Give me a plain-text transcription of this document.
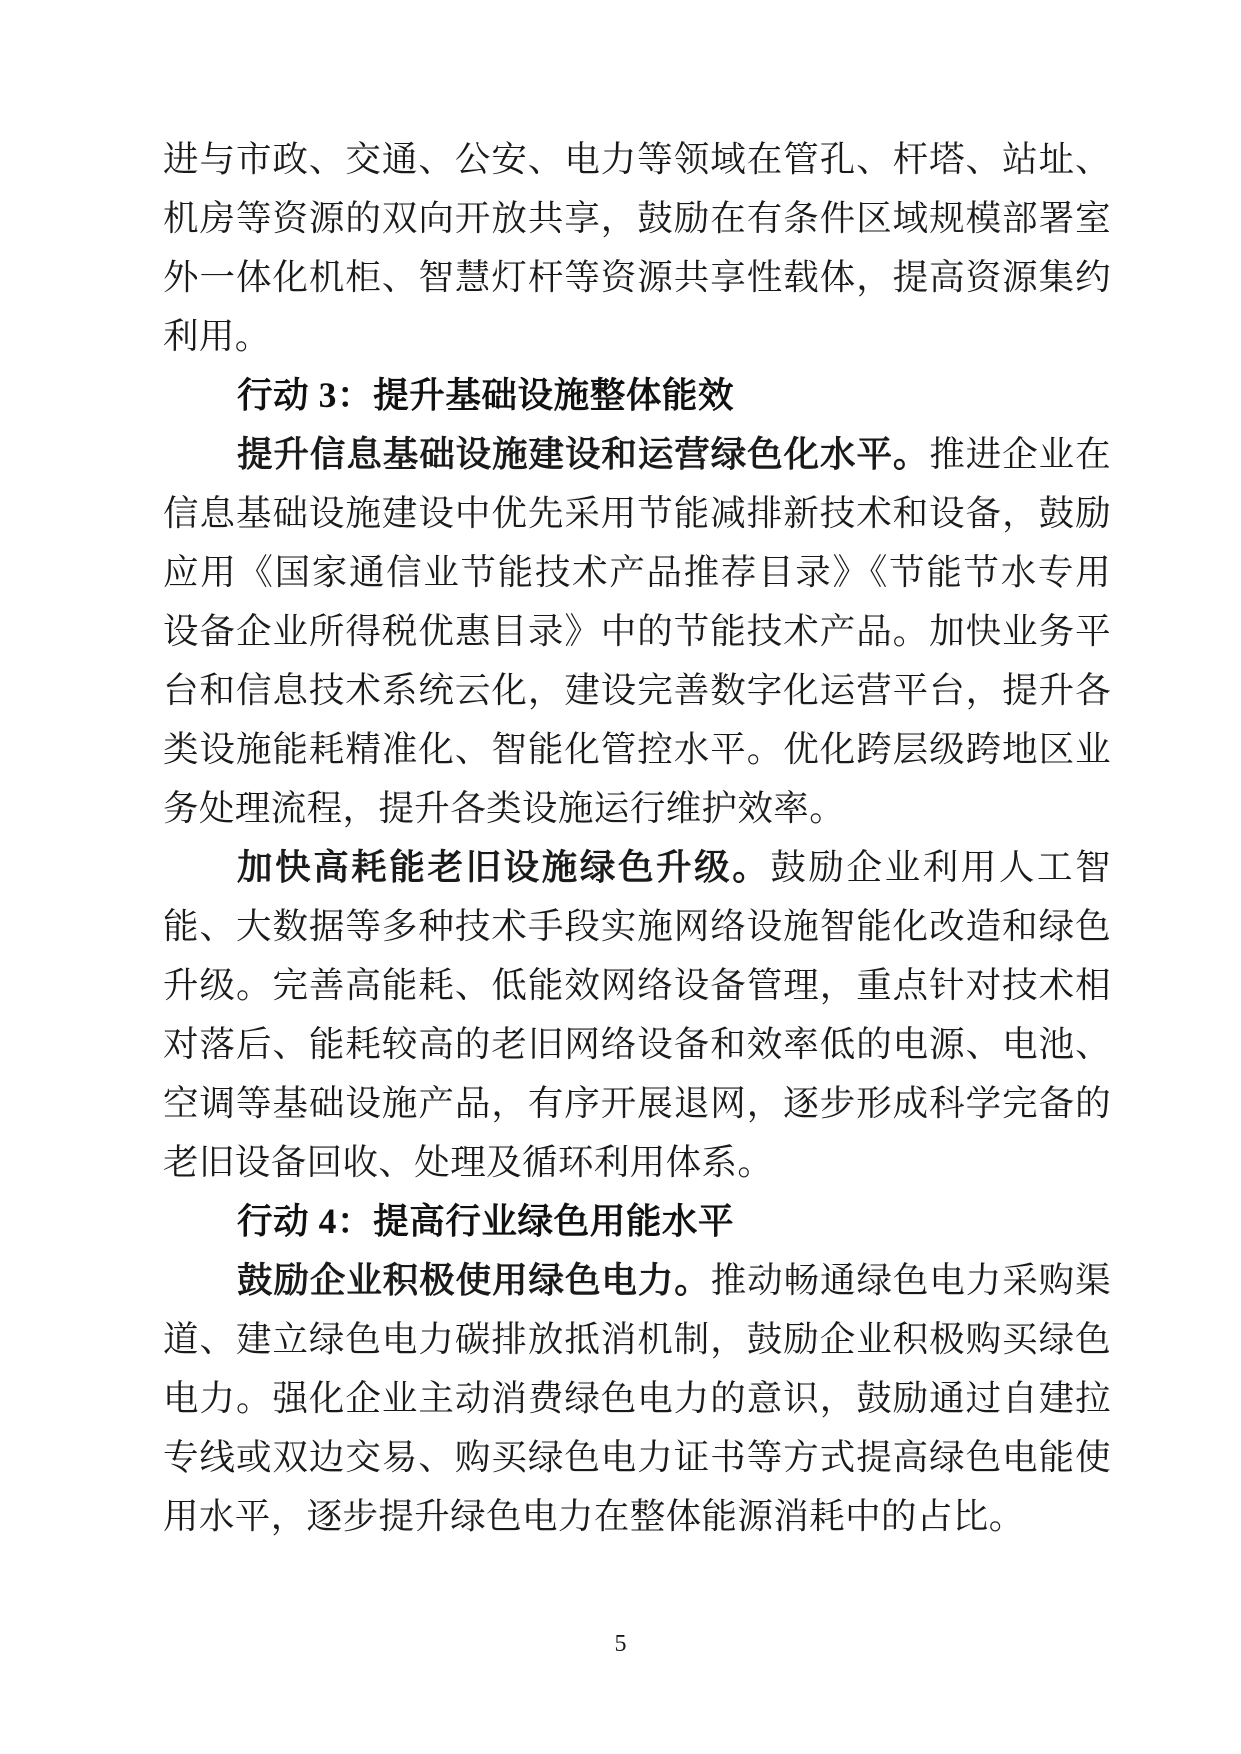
进与市政、交通、公安、电力等领域在管孔、杆塔、站址、机房等资源的双向开放共享，鼓励在有条件区域规模部署室外一体化机柜、智慧灯杆等资源共享性载体，提高资源集约利用。

行动 3：提升基础设施整体能效

提升信息基础设施建设和运营绿色化水平。推进企业在信息基础设施建设中优先采用节能减排新技术和设备，鼓励应用《国家通信业节能技术产品推荐目录》《节能节水专用设备企业所得税优惠目录》中的节能技术产品。加快业务平台和信息技术系统云化，建设完善数字化运营平台，提升各类设施能耗精准化、智能化管控水平。优化跨层级跨地区业务处理流程，提升各类设施运行维护效率。

加快高耗能老旧设施绿色升级。鼓励企业利用人工智能、大数据等多种技术手段实施网络设施智能化改造和绿色升级。完善高能耗、低能效网络设备管理，重点针对技术相对落后、能耗较高的老旧网络设备和效率低的电源、电池、空调等基础设施产品，有序开展退网，逐步形成科学完备的老旧设备回收、处理及循环利用体系。

行动 4：提高行业绿色用能水平

鼓励企业积极使用绿色电力。推动畅通绿色电力采购渠道、建立绿色电力碳排放抵消机制，鼓励企业积极购买绿色电力。强化企业主动消费绿色电力的意识，鼓励通过自建拉专线或双边交易、购买绿色电力证书等方式提高绿色电能使用水平，逐步提升绿色电力在整体能源消耗中的占比。

5
